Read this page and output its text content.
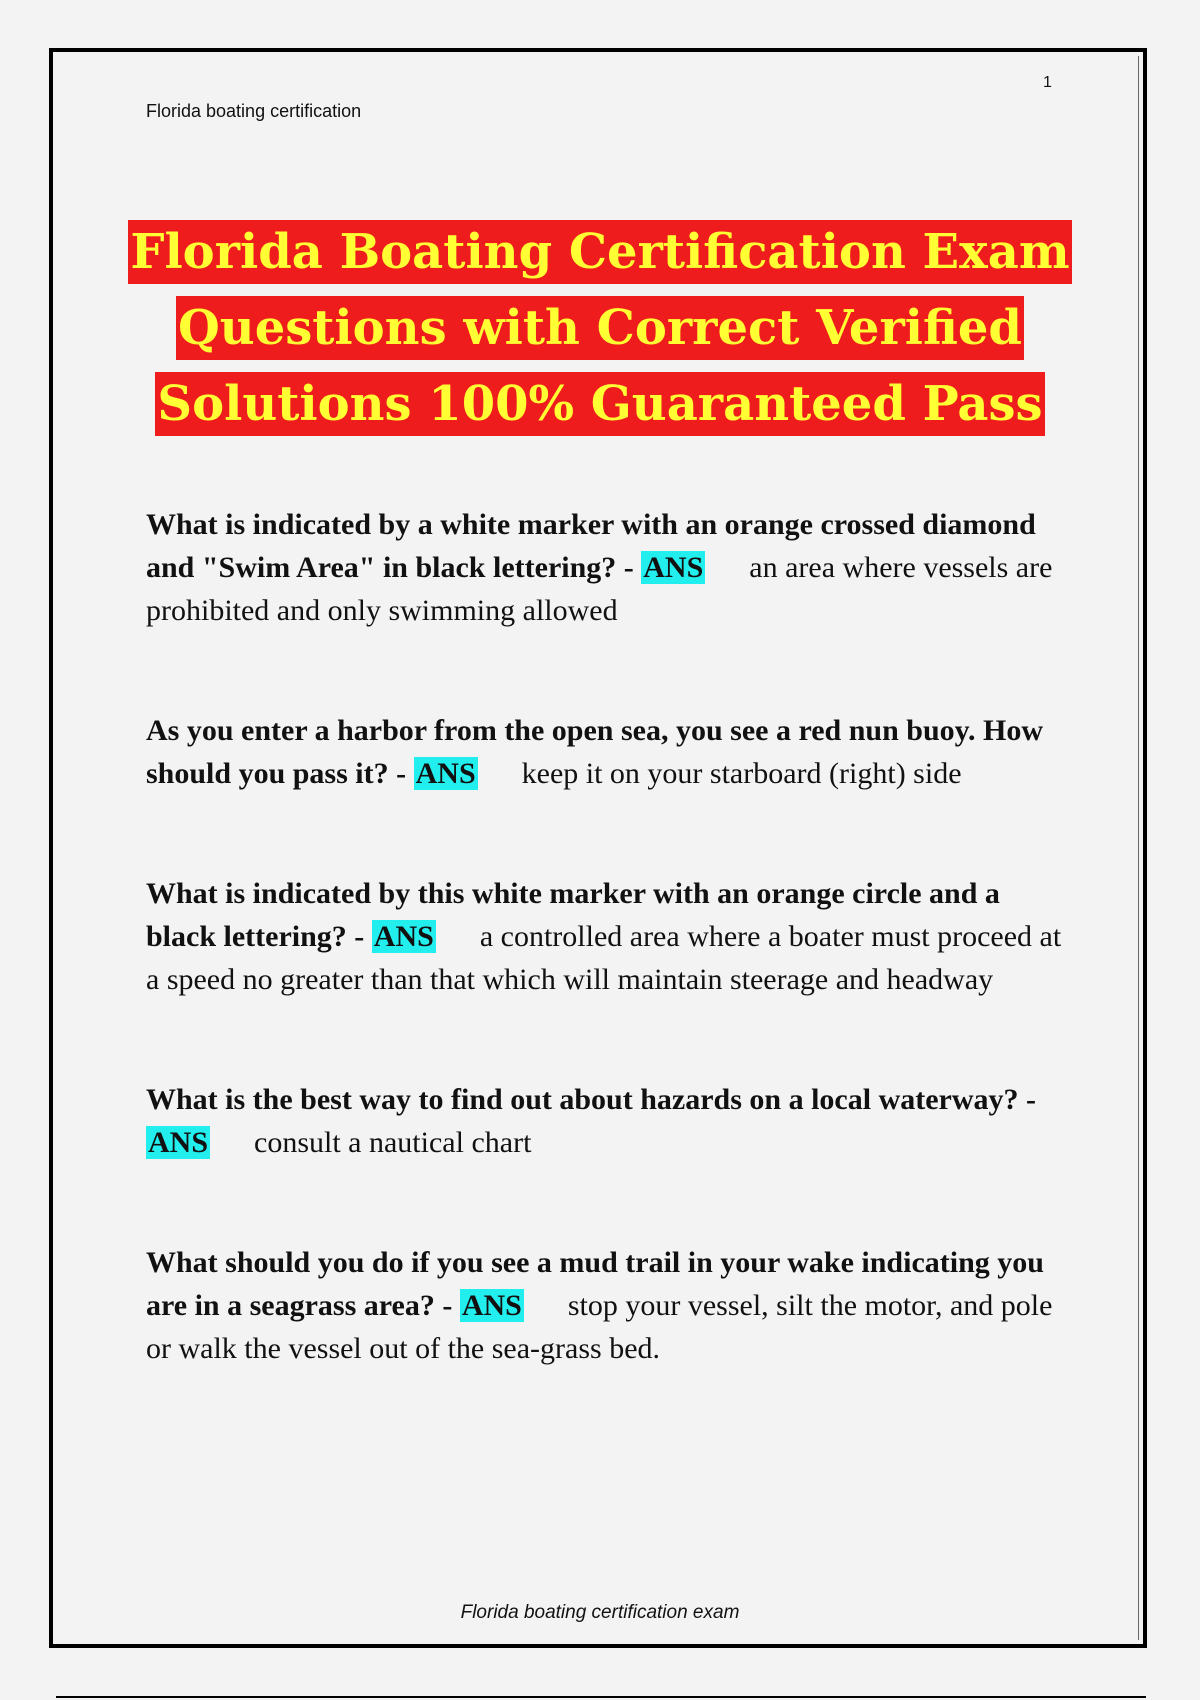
1
Florida boating certification
Florida Boating Certification Exam
Questions with Correct Verified
Solutions 100% Guaranteed Pass
What is indicated by a white marker with an orange crossed diamond and "Swim Area" in black lettering? - ANS an area where vessels are prohibited and only swimming allowed
As you enter a harbor from the open sea, you see a red nun buoy. How should you pass it? - ANS keep it on your starboard (right) side
What is indicated by this white marker with an orange circle and a black lettering? - ANS a controlled area where a boater must proceed at a speed no greater than that which will maintain steerage and headway
What is the best way to find out about hazards on a local waterway? - ANS consult a nautical chart
What should you do if you see a mud trail in your wake indicating you are in a seagrass area? - ANS stop your vessel, silt the motor, and pole or walk the vessel out of the sea-grass bed.
Florida boating certification exam
